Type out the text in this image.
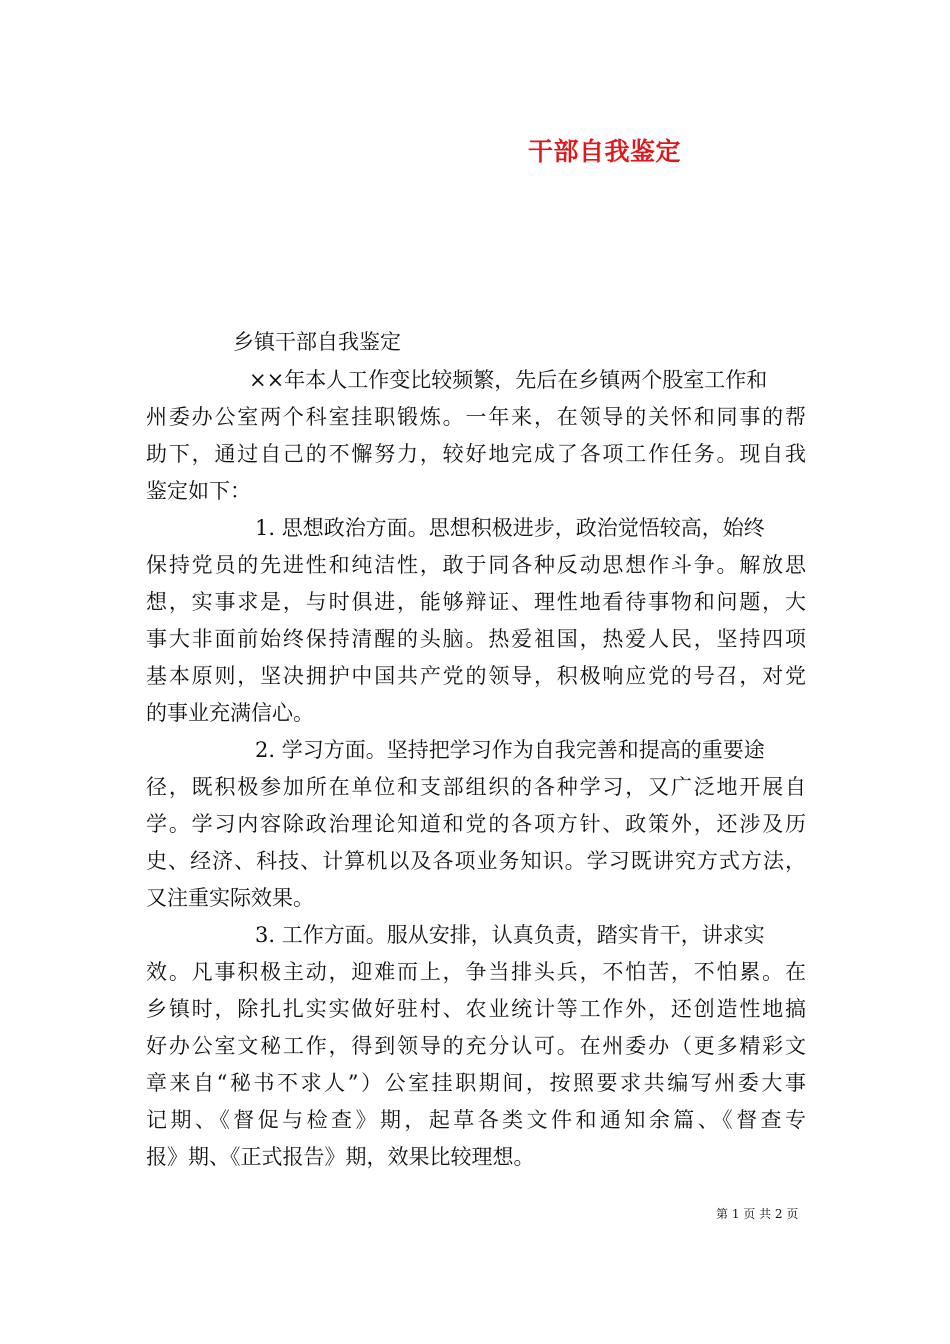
干部自我鉴定
乡镇干部自我鉴定
××年本人工作变比较频繁，先后在乡镇两个股室工作和
州委办公室两个科室挂职锻炼。一年来，在领导的关怀和同事的帮
助下，通过自己的不懈努力，较好地完成了各项工作任务。现自我
鉴定如下：
1. 思想政治方面。思想积极进步，政治觉悟较高，始终
保持党员的先进性和纯洁性，敢于同各种反动思想作斗争。解放思
想，实事求是，与时俱进，能够辩证、理性地看待事物和问题，大
事大非面前始终保持清醒的头脑。热爱祖国，热爱人民，坚持四项
基本原则，坚决拥护中国共产党的领导，积极响应党的号召，对党
的事业充满信心。
2. 学习方面。坚持把学习作为自我完善和提高的重要途
径，既积极参加所在单位和支部组织的各种学习，又广泛地开展自
学。学习内容除政治理论知道和党的各项方针、政策外，还涉及历
史、经济、科技、计算机以及各项业务知识。学习既讲究方式方法，
又注重实际效果。
3. 工作方面。服从安排，认真负责，踏实肯干，讲求实
效。凡事积极主动，迎难而上，争当排头兵，不怕苦，不怕累。在
乡镇时，除扎扎实实做好驻村、农业统计等工作外，还创造性地搞
好办公室文秘工作，得到领导的充分认可。在州委办（更多精彩文
章来自“秘书不求人”）公室挂职期间，按照要求共编写州委大事
记期、《督促与检查》期，起草各类文件和通知余篇、《督查专
报》期、《正式报告》期，效果比较理想。
第 1 页 共 2 页
